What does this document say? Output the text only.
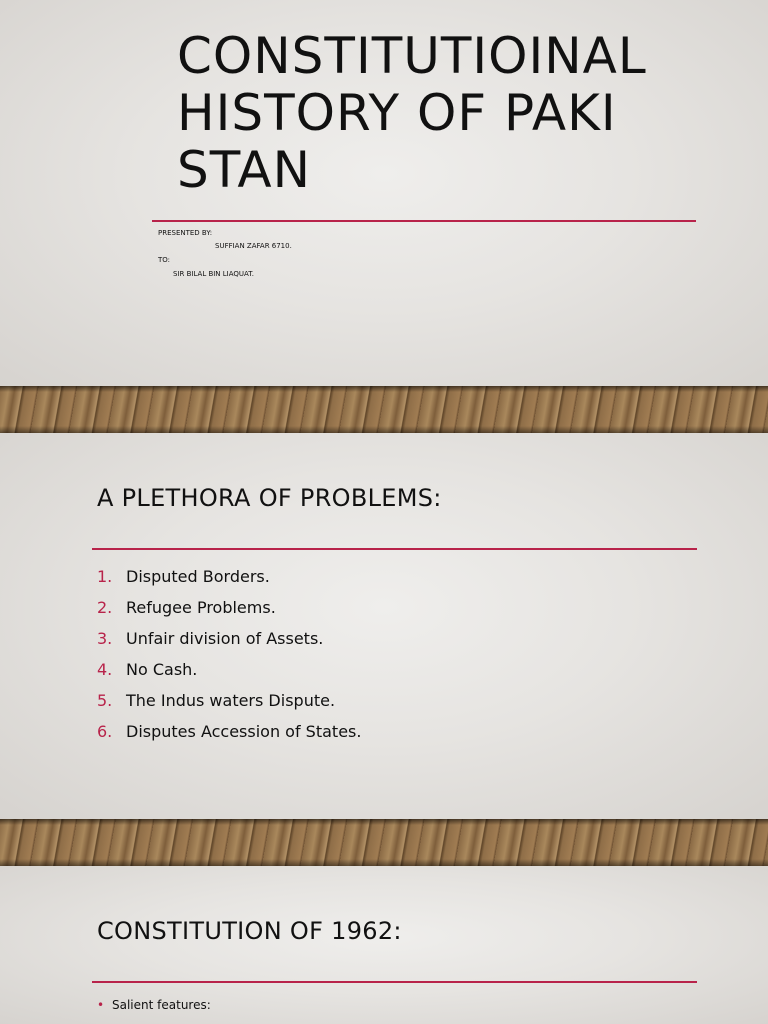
CONSTITUTIOINAL HISTORY OF PAKISTAN
PRESENTED BY:
SUFFIAN ZAFAR 6710.
TO:
SIR BILAL BIN LIAQUAT.
A PLETHORA OF PROBLEMS:
1. Disputed Borders.
2. Refugee Problems.
3. Unfair division of Assets.
4. No Cash.
5. The Indus waters Dispute.
6. Disputes Accession of States.
CONSTITUTION OF 1962:
• Salient features:
